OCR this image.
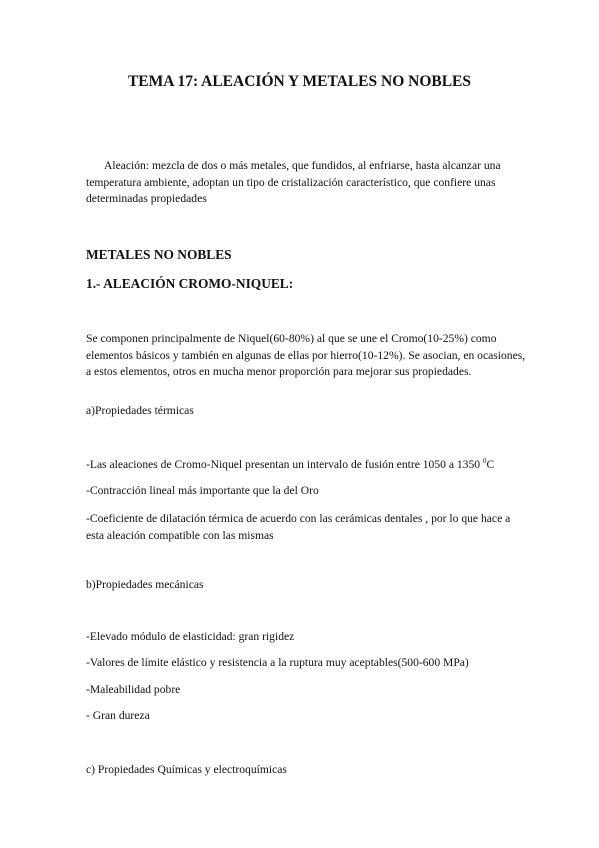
TEMA 17: ALEACIÓN Y METALES NO NOBLES

Aleación: mezcla de dos o más metales, que fundidos, al enfriarse, hasta alcanzar una temperatura ambiente, adoptan un tipo de cristalización característico, que confiere unas determinadas propiedades

METALES NO NOBLES

1.- ALEACIÓN CROMO-NIQUEL:

Se componen principalmente de Niquel(60-80%) al que se une el Cromo(10-25%) como elementos básicos y también en algunas de ellas por hierro(10-12%). Se asocian, en ocasiones, a estos elementos, otros en mucha menor proporción para mejorar sus propiedades.

a)Propiedades térmicas

-Las aleaciones de Cromo-Niquel presentan un intervalo de fusión entre 1050 a 1350 $^0$C

-Contracción lineal más importante que la del Oro

-Coeficiente de dilatación térmica de acuerdo con las cerámicas dentales , por lo que hace a esta aleación compatible con las mismas

b)Propiedades mecánicas

-Elevado módulo de elasticidad: gran rigidez

-Valores de límite elástico y resistencia a la ruptura muy aceptables(500-600 MPa)

-Maleabilidad pobre

- Gran dureza

c) Propiedades Químicas y electroquímicas
